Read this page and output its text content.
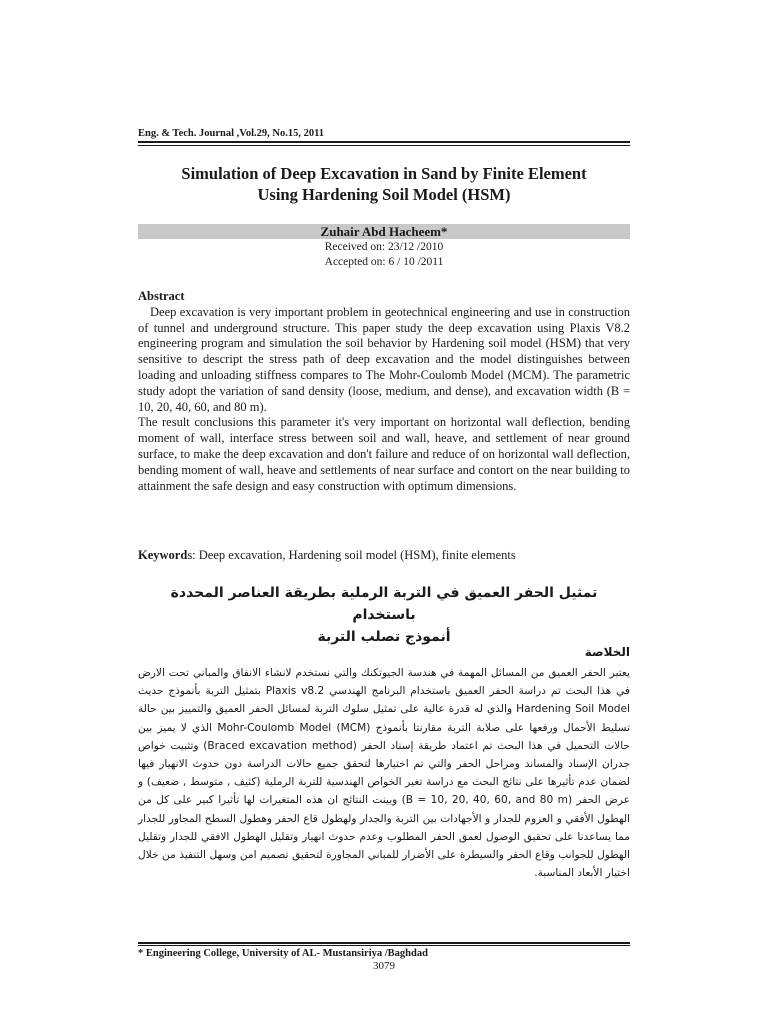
Eng. & Tech. Journal ,Vol.29, No.15, 2011
Simulation of Deep Excavation in Sand by Finite Element
Using Hardening Soil Model (HSM)
Zuhair Abd Hacheem*
Received on: 23/12 /2010
Accepted on: 6 / 10 /2011
Abstract

Deep excavation is very important problem in geotechnical engineering and use in construction of tunnel and underground structure. This paper study the deep excavation using Plaxis V8.2 engineering program and simulation the soil behavior by Hardening soil model (HSM) that very sensitive to descript the stress path of deep excavation and the model distinguishes between loading and unloading stiffness compares to The Mohr-Coulomb Model (MCM). The parametric study adopt the variation of sand density (loose, medium, and dense), and excavation width (B = 10, 20, 40, 60, and 80 m).

The result conclusions this parameter it's very important on horizontal wall deflection, bending moment of wall, interface stress between soil and wall, heave, and settlement of near ground surface, to make the deep excavation and don't failure and reduce of on horizontal wall deflection, bending moment of wall, heave and settlements of near surface and contort on the near building to attainment the safe design and easy construction with optimum dimensions.

Keywords: Deep excavation, Hardening soil model (HSM), finite elements
تمثيل الحفر العميق في التربة الرملية بطريقة العناصر المحددة باستخدام
أنموذج تصلب التربة
الخلاصة

يعتبر الحفر العميق من المسائل المهمة في هندسة الجيوتكنك والتي نستخدم لانشاء الانفاق والمباني تحت الارض في هذا البحث تم دراسة الحفر العميق باستخدام البرنامج الهندسي Plaxis v8.2 بتمثيل التربة بأنموذج حديث Hardening Soil Model والذي له قدرة عالية على تمثيل سلوك التربة لمسائل الحفر العميق والتمييز بين حالة تسليط الأحمال ورفعها على صلابة التربة مقارنتا بأنموذج Mohr-Coulomb Model (MCM) الذي لا يميز بين حالات التحميل في هذا البحث تم اعتماد طريقة إسناد الحفر (Braced excavation method) وتثبيت خواص جدران الإسناد والمساند ومراحل الحفر والتي تم اختيارها لتحقق جميع حالات الدراسة دون حدوث الانهيار فيها لضمان عدم تأثيرها على نتائج البحث مع دراسة تغير الخواص الهندسية للتربة الرملية (كثيف , متوسط , ضعيف) و عرض الحفر (B = 10, 20, 40, 60, and 80 m) وبينت النتائج ان هذه المتغيرات لها تأثيرا كبير على كل من الهطول الأفقي و العزوم للجدار و الأجهادات بين التربة والجدار ولهطول قاع الحفر وهطول السطح المجاور للجدار مما يساعدنا على تحقيق الوصول لعمق الحفر المطلوب وعدم حدوث انهيار وتقليل الهطول الافقي للجدار وتقليل الهطول للجوانب وقاع الحفر والسيطرة على الأضرار للمباني المجاورة لتحقيق تصميم امن وسهل التنفيذ من خلال اختيار الأبعاد المناسبة.

* Engineering College, University of AL- Mustansiriya /Baghdad
3079
